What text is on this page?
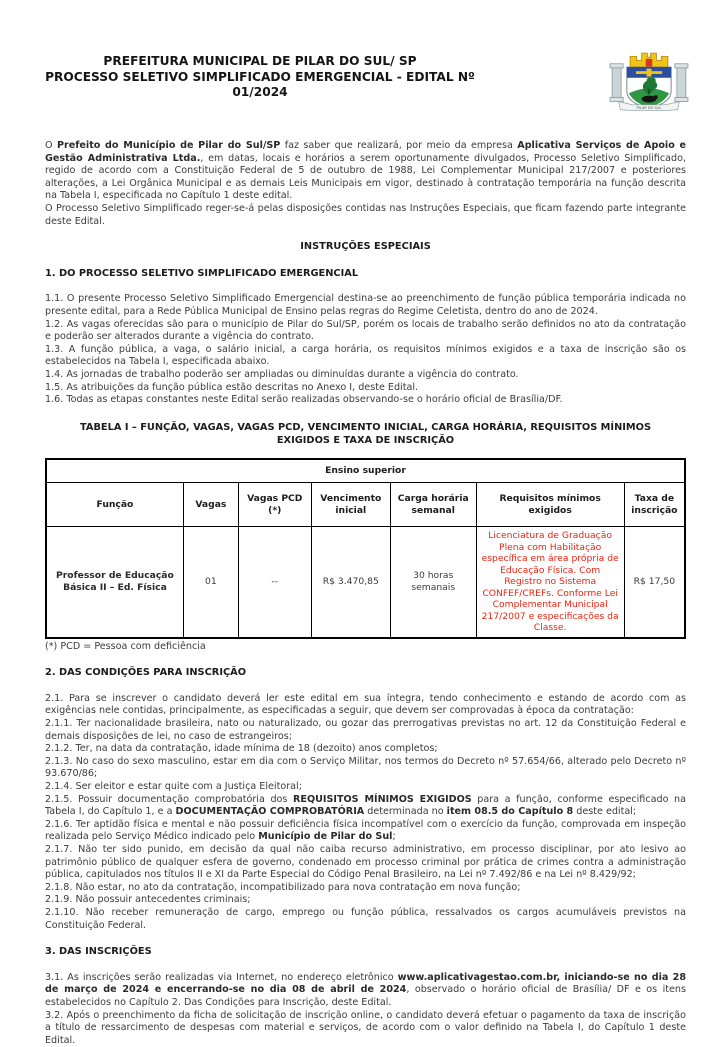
PREFEITURA MUNICIPAL DE PILAR DO SUL/ SP
PROCESSO SELETIVO SIMPLIFICADO EMERGENCIAL - EDITAL Nº 01/2024
PILAR DO SUL

O Prefeito do Município de Pilar do Sul/SP faz saber que realizará, por meio da empresa Aplicativa Serviços de Apoio e Gestão Administrativa Ltda., em datas, locais e horários a serem oportunamente divulgados, Processo Seletivo Simplificado, regido de acordo com a Constituição Federal de 5 de outubro de 1988, Lei Complementar Municipal 217/2007 e posteriores alterações, a Lei Orgânica Municipal e as demais Leis Municipais em vigor, destinado à contratação temporária na função descrita na Tabela I, especificada no Capítulo 1 deste edital.

O Processo Seletivo Simplificado reger-se-á pelas disposições contidas nas Instruções Especiais, que ficam fazendo parte integrante deste Edital.

INSTRUÇÕES ESPECIAIS
1. DO PROCESSO SELETIVO SIMPLIFICADO EMERGENCIAL

1.1. O presente Processo Seletivo Simplificado Emergencial destina-se ao preenchimento de função pública temporária indicada no presente edital, para a Rede Pública Municipal de Ensino pelas regras do Regime Celetista, dentro do ano de 2024.

1.2. As vagas oferecidas são para o município de Pilar do Sul/SP, porém os locais de trabalho serão definidos no ato da contratação e poderão ser alterados durante a vigência do contrato.

1.3. A função pública, a vaga, o salário inicial, a carga horária, os requisitos mínimos exigidos e a taxa de inscrição são os estabelecidos na Tabela I, especificada abaixo.

1.4. As jornadas de trabalho poderão ser ampliadas ou diminuídas durante a vigência do contrato.

1.5. As atribuições da função pública estão descritas no Anexo I, deste Edital.

1.6. Todas as etapas constantes neste Edital serão realizadas observando-se o horário oficial de Brasília/DF.

TABELA I – FUNÇÃO, VAGAS, VAGAS PCD, VENCIMENTO INICIAL, CARGA HORÁRIA, REQUISITOS MÍNIMOS EXIGIDOS E TAXA DE INSCRIÇÃO
Ensino superior						
Função	Vagas	Vagas PCD (*)	Vencimento inicial	Carga horária semanal	Requisitos mínimos exigidos	Taxa de inscrição
Professor de Educação Básica II – Ed. Física	01	--	R$ 3.470,85	30 horas semanais	Licenciatura de Graduação Plena com Habilitação específica em área própria de Educação Física. Com Registro no Sistema CONFEF/CREFs. Conforme Lei Complementar Municipal 217/2007 e especificações da Classe.	R$ 17,50
(*) PCD = Pessoa com deficiência
2. DAS CONDIÇÕES PARA INSCRIÇÃO

2.1. Para se inscrever o candidato deverá ler este edital em sua íntegra, tendo conhecimento e estando de acordo com as exigências nele contidas, principalmente, as especificadas a seguir, que devem ser comprovadas à época da contratação:

2.1.1. Ter nacionalidade brasileira, nato ou naturalizado, ou gozar das prerrogativas previstas no art. 12 da Constituição Federal e demais disposições de lei, no caso de estrangeiros;

2.1.2. Ter, na data da contratação, idade mínima de 18 (dezoito) anos completos;

2.1.3. No caso do sexo masculino, estar em dia com o Serviço Militar, nos termos do Decreto nº 57.654/66, alterado pelo Decreto nº 93.670/86;

2.1.4. Ser eleitor e estar quite com a Justiça Eleitoral;

2.1.5. Possuir documentação comprobatória dos REQUISITOS MÍNIMOS EXIGIDOS para a função, conforme especificado na Tabela I, do Capítulo 1, e a DOCUMENTAÇÃO COMPROBATÓRIA determinada no item 08.5 do Capítulo 8 deste edital;

2.1.6. Ter aptidão física e mental e não possuir deficiência física incompatível com o exercício da função, comprovada em inspeção realizada pelo Serviço Médico indicado pelo Município de Pilar do Sul;

2.1.7. Não ter sido punido, em decisão da qual não caiba recurso administrativo, em processo disciplinar, por ato lesivo ao patrimônio público de qualquer esfera de governo, condenado em processo criminal por prática de crimes contra a administração pública, capitulados nos títulos II e XI da Parte Especial do Código Penal Brasileiro, na Lei nº 7.492/86 e na Lei nº 8.429/92;

2.1.8. Não estar, no ato da contratação, incompatibilizado para nova contratação em nova função;

2.1.9. Não possuir antecedentes criminais;

2.1.10. Não receber remuneração de cargo, emprego ou função pública, ressalvados os cargos acumuláveis previstos na Constituição Federal.

3. DAS INSCRIÇÕES

3.1. As inscrições serão realizadas via Internet, no endereço eletrônico www.aplicativagestao.com.br, iniciando-se no dia 28 de março de 2024 e encerrando-se no dia 08 de abril de 2024, observado o horário oficial de Brasília/ DF e os itens estabelecidos no Capítulo 2. Das Condições para Inscrição, deste Edital.

3.2. Após o preenchimento da ficha de solicitação de inscrição online, o candidato deverá efetuar o pagamento da taxa de inscrição a título de ressarcimento de despesas com material e serviços, de acordo com o valor definido na Tabela I, do Capítulo 1 deste Edital.
